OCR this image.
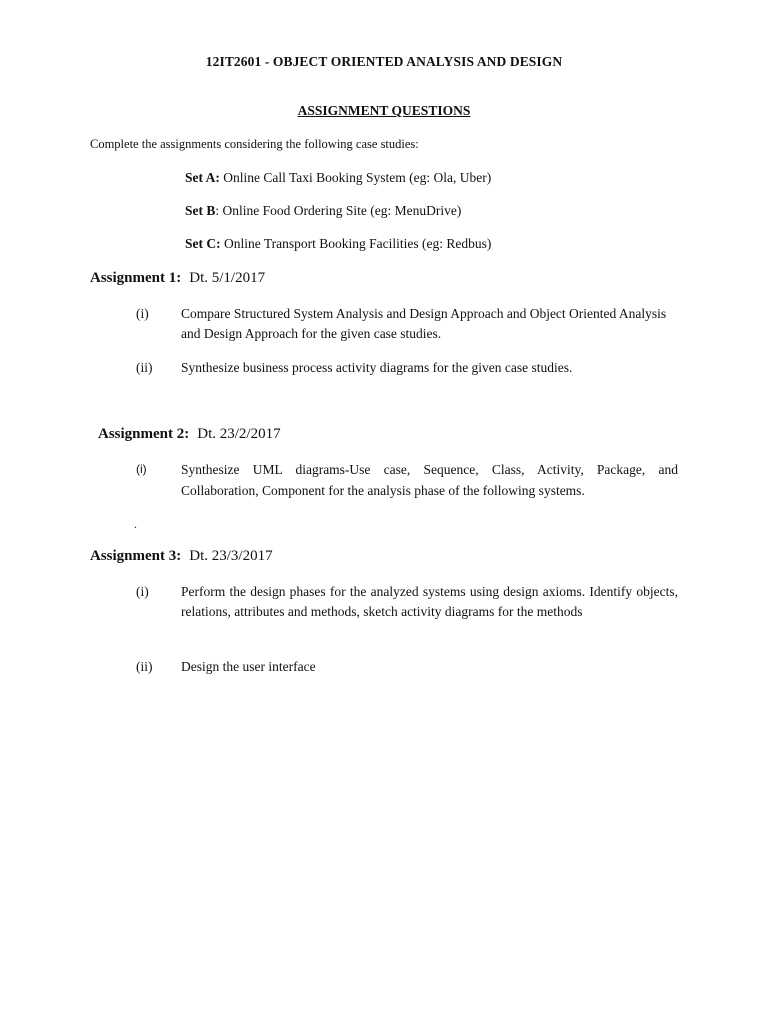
12IT2601 - OBJECT ORIENTED ANALYSIS AND DESIGN
ASSIGNMENT QUESTIONS
Complete the assignments considering the following case studies:
Set A: Online Call Taxi Booking System (eg: Ola, Uber)
Set B: Online Food Ordering Site (eg: MenuDrive)
Set C: Online Transport Booking Facilities (eg: Redbus)
Assignment 1: Dt. 5/1/2017
(i) Compare Structured System Analysis and Design Approach and Object Oriented Analysis and Design Approach for the given case studies.
(ii) Synthesize business process activity diagrams for the given case studies.
Assignment 2: Dt. 23/2/2017
(i)	Synthesize UML diagrams-Use case, Sequence, Class, Activity, Package, and Collaboration, Component for the analysis phase of the following systems.
.
Assignment 3: Dt. 23/3/2017
(i) Perform the design phases for the analyzed systems using design axioms. Identify objects, relations, attributes and methods, sketch activity diagrams for the methods
(ii) Design the user interface
